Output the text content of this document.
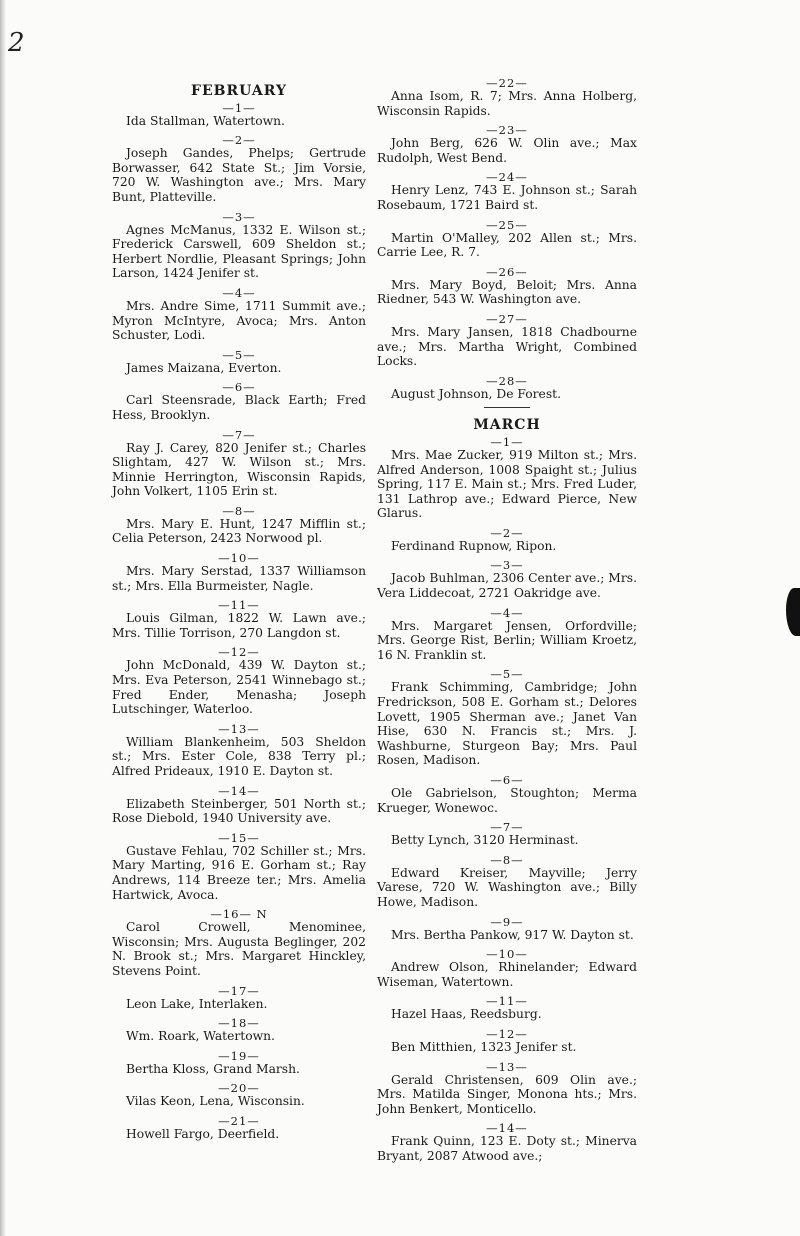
2
FEBRUARY
—1—
Ida Stallman, Watertown.
—2—
Joseph Gandes, Phelps; Gertrude Borwasser, 642 State St.; Jim Vorsie, 720 W. Washington ave.; Mrs. Mary Bunt, Platteville.
—3—
Agnes McManus, 1332 E. Wilson st.; Frederick Carswell, 609 Sheldon st.; Herbert Nordlie, Pleasant Springs; John Larson, 1424 Jenifer st.
—4—
Mrs. Andre Sime, 1711 Summit ave.; Myron McIntyre, Avoca; Mrs. Anton Schuster, Lodi.
—5—
James Maizana, Everton.
—6—
Carl Steensrade, Black Earth; Fred Hess, Brooklyn.
—7—
Ray J. Carey, 820 Jenifer st.; Charles Slightam, 427 W. Wilson st.; Mrs. Minnie Herrington, Wisconsin Rapids, John Volkert, 1105 Erin st.
—8—
Mrs. Mary E. Hunt, 1247 Mifflin st.; Celia Peterson, 2423 Norwood pl.
—10—
Mrs. Mary Serstad, 1337 Williamson st.; Mrs. Ella Burmeister, Nagle.
—11—
Louis Gilman, 1822 W. Lawn ave.; Mrs. Tillie Torrison, 270 Langdon st.
—12—
John McDonald, 439 W. Dayton st.; Mrs. Eva Peterson, 2541 Winnebago st.; Fred Ender, Menasha; Joseph Lutschinger, Waterloo.
—13—
William Blankenheim, 503 Sheldon st.; Mrs. Ester Cole, 838 Terry pl.; Alfred Prideaux, 1910 E. Dayton st.
—14—
Elizabeth Steinberger, 501 North st.; Rose Diebold, 1940 University ave.
—15—
Gustave Fehlau, 702 Schiller st.; Mrs. Mary Marting, 916 E. Gorham st.; Ray Andrews, 114 Breeze ter.; Mrs. Amelia Hartwick, Avoca.
—16— N
Carol Crowell, Menominee, Wisconsin; Mrs. Augusta Beglinger, 202 N. Brook st.; Mrs. Margaret Hinckley, Stevens Point.
—17—
Leon Lake, Interlaken.
—18—
Wm. Roark, Watertown.
—19—
Bertha Kloss, Grand Marsh.
—20—
Vilas Keon, Lena, Wisconsin.
—21—
Howell Fargo, Deerfield.
—22—
Anna Isom, R. 7; Mrs. Anna Holberg, Wisconsin Rapids.
—23—
John Berg, 626 W. Olin ave.; Max Rudolph, West Bend.
—24—
Henry Lenz, 743 E. Johnson st.; Sarah Rosebaum, 1721 Baird st.
—25—
Martin O'Malley, 202 Allen st.; Mrs. Carrie Lee, R. 7.
—26—
Mrs. Mary Boyd, Beloit; Mrs. Anna Riedner, 543 W. Washington ave.
—27—
Mrs. Mary Jansen, 1818 Chadbourne ave.; Mrs. Martha Wright, Combined Locks.
—28—
August Johnson, De Forest.
MARCH
—1—
Mrs. Mae Zucker, 919 Milton st.; Mrs. Alfred Anderson, 1008 Spaight st.; Julius Spring, 117 E. Main st.; Mrs. Fred Luder, 131 Lathrop ave.; Edward Pierce, New Glarus.
—2—
Ferdinand Rupnow, Ripon.
—3—
Jacob Buhlman, 2306 Center ave.; Mrs. Vera Liddecoat, 2721 Oakridge ave.
—4—
Mrs. Margaret Jensen, Orfordville; Mrs. George Rist, Berlin; William Kroetz, 16 N. Franklin st.
—5—
Frank Schimming, Cambridge; John Fredrickson, 508 E. Gorham st.; Delores Lovett, 1905 Sherman ave.; Janet Van Hise, 630 N. Francis st.; Mrs. J. Washburne, Sturgeon Bay; Mrs. Paul Rosen, Madison.
—6—
Ole Gabrielson, Stoughton; Merma Krueger, Wonewoc.
—7—
Betty Lynch, 3120 Herminast.
—8—
Edward Kreiser, Mayville; Jerry Varese, 720 W. Washington ave.; Billy Howe, Madison.
—9—
Mrs. Bertha Pankow, 917 W. Dayton st.
—10—
Andrew Olson, Rhinelander; Edward Wiseman, Watertown.
—11—
Hazel Haas, Reedsburg.
—12—
Ben Mitthien, 1323 Jenifer st.
—13—
Gerald Christensen, 609 Olin ave.; Mrs. Matilda Singer, Monona hts.; Mrs. John Benkert, Monticello.
—14—
Frank Quinn, 123 E. Doty st.; Minerva Bryant, 2087 Atwood ave.;
